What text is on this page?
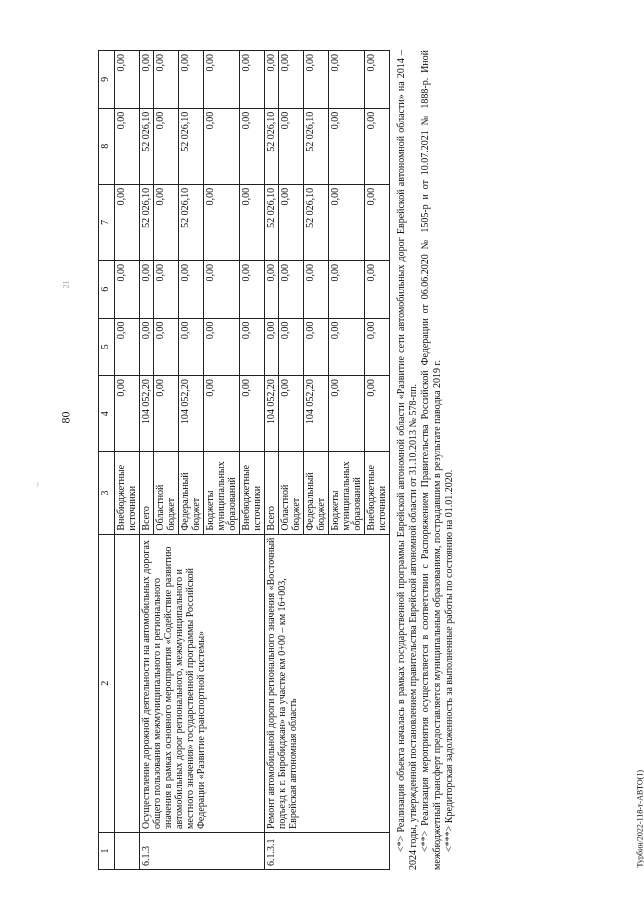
80
21
~
Турбин/2022-118-т-АВТО(1)
1	2	3	4	5	6	7	8	9
		Внебюджетные источники	0,00	0,00	0,00	0,00	0,00	0,00
6.1.3	Осуществление дорожной деятельности на автомобильных дорогах общего пользования межмуниципального и регионального значения в рамках основного мероприятия «Содействие развитию автомобильных дорог регионального, межмуниципального и местного значения» государственной программы Российской Федерации «Развитие транспортной системы»	Всего	104 052,20	0,00	0,00	52 026,10	52 026,10	0,00
		Областной бюджет	0,00	0,00	0,00	0,00	0,00	0,00
		Федеральный бюджет	104 052,20	0,00	0,00	52 026,10	52 026,10	0,00
		Бюджеты муниципальных образований	0,00	0,00	0,00	0,00	0,00	0,00
		Внебюджетные источники	0,00	0,00	0,00	0,00	0,00	0,00
6.1.3.1	Ремонт автомобильной дороги регионального значения «Восточный подъезд к г. Биробиджан» на участке км 0+00 – км 16+003, Еврейская автономная область	Всего	104 052,20	0,00	0,00	52 026,10	52 026,10	0,00
		Областной бюджет	0,00	0,00	0,00	0,00	0,00	0,00
		Федеральный бюджет	104 052,20	0,00	0,00	52 026,10	52 026,10	0,00
		Бюджеты муниципальных образований	0,00	0,00	0,00	0,00	0,00	0,00
		Внебюджетные источники	0,00	0,00	0,00	0,00	0,00	0,00 <*> Реализация объекта началась в рамках государственной программы Еврейской автономной области «Развитие сети автомобильных дорог Еврейской автономной области» на 2014 – 2024 годы, утвержденной постановлением правительства Еврейской автономной области от 31.10.2013 № 578-пп. <**> Реализация мероприятия осуществляется в соответствии с Распоряжением Правительства Российской Федерации от 06.06.2020 № 1505-р и от 10.07.2021 № 1888-р. Иной межбюджетный трансферт предоставляется муниципальным образованиям, пострадавшим в результате паводка 2019 г. <***> Кредиторская задолженность за выполненные работы по состоянию на 01.01.2020.
